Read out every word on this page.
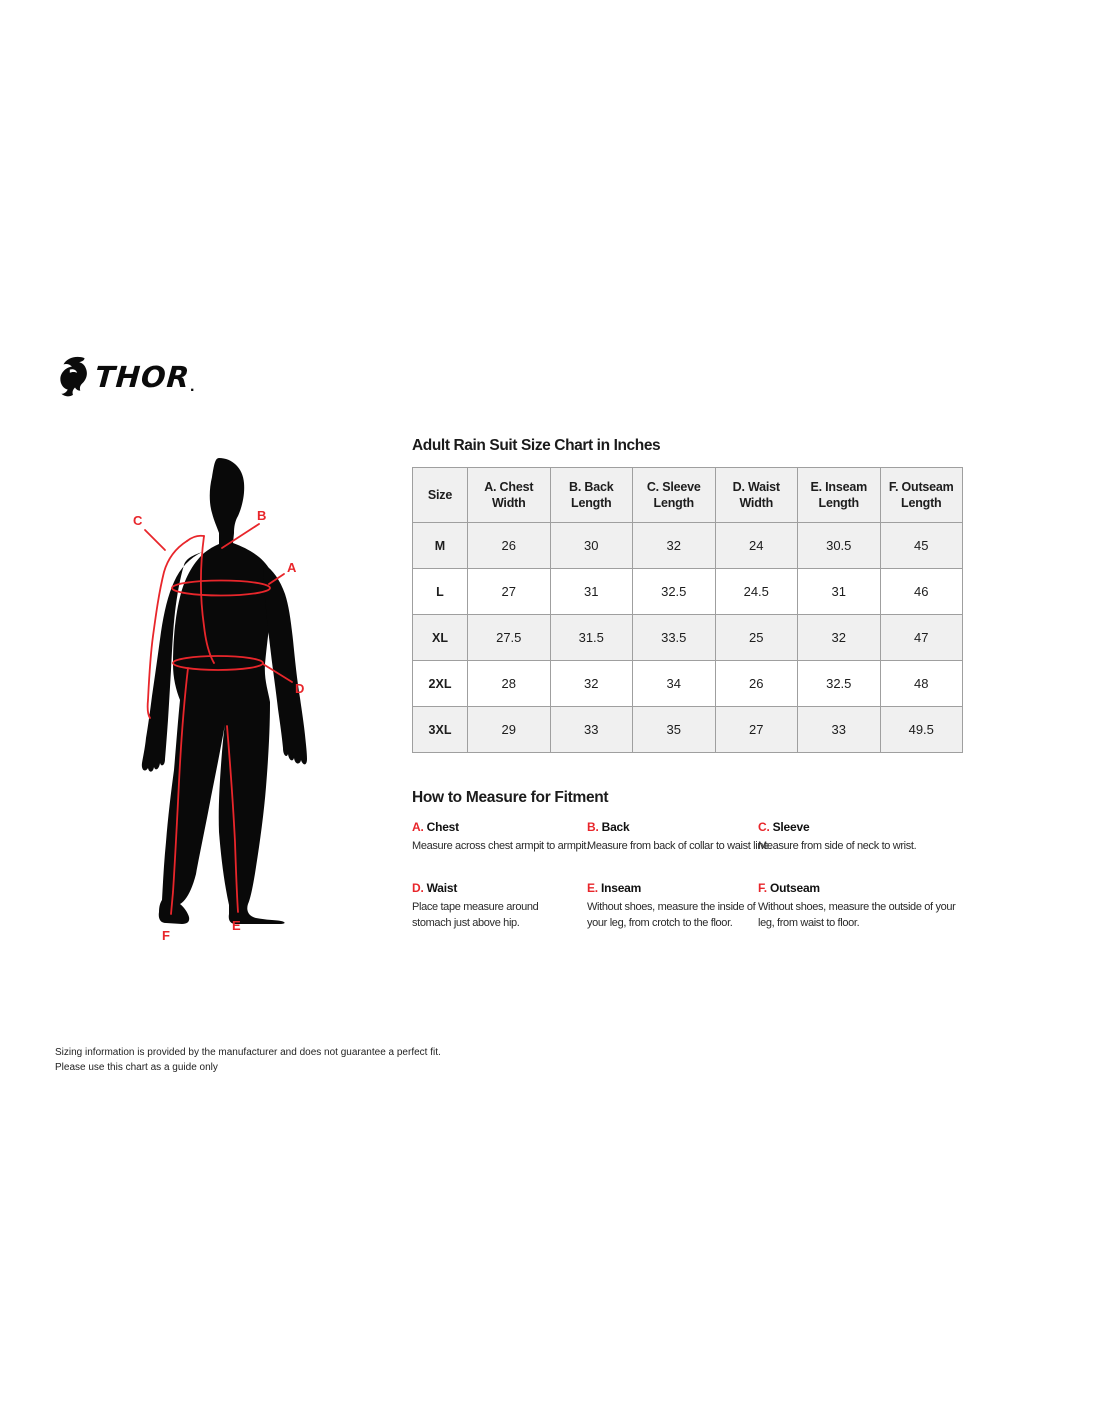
THOR
.
A
B
C
D
E
F
Adult Rain Suit Size Chart in Inches
Size	A. Chest Width	B. Back Length	C. Sleeve Length	D. Waist Width	E. Inseam Length	F. Outseam Length
M	26	30	32	24	30.5	45
L	27	31	32.5	24.5	31	46
XL	27.5	31.5	33.5	25	32	47
2XL	28	32	34	26	32.5	48
3XL	29	33	35	27	33	49.5
How to Measure for Fitment
A. Chest
Measure across chest armpit to armpit.
B. Back
Measure from back of collar to waist line.
C. Sleeve
Measure from side of neck to wrist.
D. Waist
Place tape measure around stomach just above hip.
E. Inseam
Without shoes, measure the inside of your leg, from crotch to the floor.
F. Outseam
Without shoes, measure the outside of your leg, from waist to floor.
Sizing information is provided by the manufacturer and does not guarantee a perfect fit.
Please use this chart as a guide only
